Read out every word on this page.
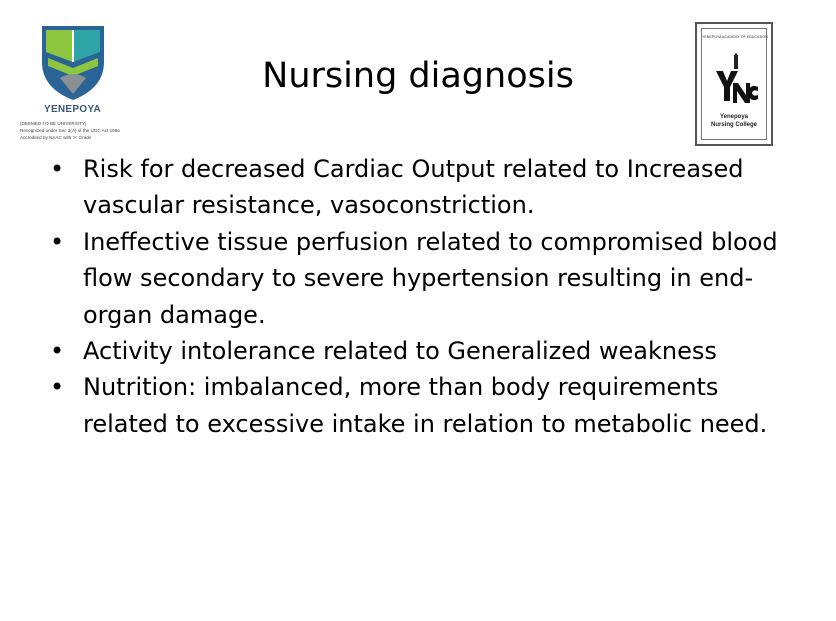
YENEPOYA
(DEEMED TO BE UNIVERSITY)
Recognized under Sec 3(A) of the UGC Act 1956
Accredited by NAAC with 'A' Grade
YENEPOYA ACADEMY OF EDUCATION
Yenepoya
Nursing College
Nursing diagnosis
• Risk for decreased Cardiac Output related to Increased vascular resistance, vasoconstriction.
• Ineffective tissue perfusion related to compromised blood flow secondary to severe hypertension resulting in end-organ damage.
• Activity intolerance related to Generalized weakness
• Nutrition: imbalanced, more than body requirements related to excessive intake in relation to metabolic need.
